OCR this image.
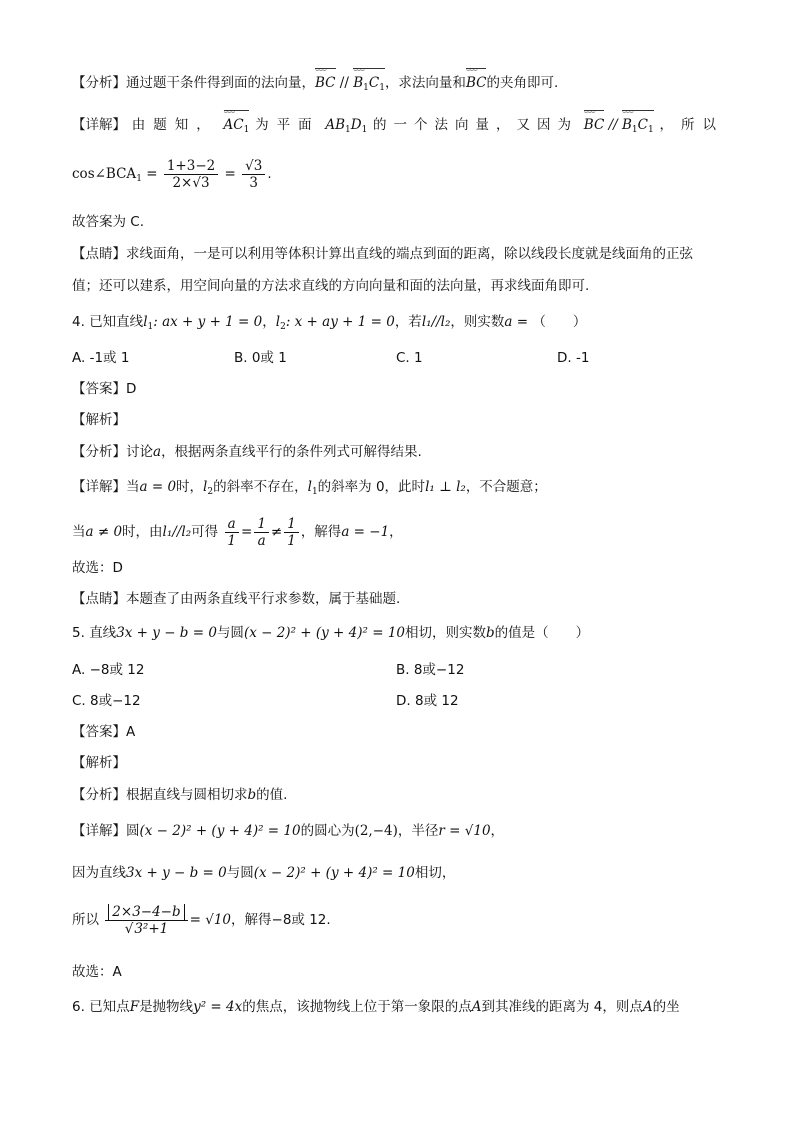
【分析】通过题干条件得到面的法向量，BC ⌣⌣⌣ // $B_1C_1$ ⌣⌣⌣，求法向量和BC ⌣⌣⌣的夹角即可.
【详解】 由题知， $AC_1$ ⌣⌣⌣ 为平面 $AB_1D_1$ 的一个法向量，又因为 BC ⌣⌣⌣ // $B_1C_1$ ⌣⌣⌣ ，所以
$\cos\angle BCA_1 = \frac{1+3-2}{2\times√3} = \frac{√3}{3}$ .
故答案为 C.
【点睛】求线面角，一是可以利用等体积计算出直线的端点到面的距离，除以线段长度就是线面角的正弦
值；还可以建系，用空间向量的方法求直线的方向向量和面的法向量，再求线面角即可.
4. 已知直线$l_1$: ax + y + 1 = 0，$l_2$: x + ay + 1 = 0，若l₁//l₂，则实数a = （　　）
A. -1或 1	B. 0或 1	C. 1	D. -1
【答案】D
【解析】
【分析】讨论a，根据两条直线平行的条件列式可解得结果.
【详解】当a = 0时，$l_2$的斜率不存在，$l_1$的斜率为 0，此时l₁ ⊥ l₂，不合题意；
当a ≠ 0时，由l₁//l₂可得 $\frac{a}{1} = \frac{1}{a} \ne \frac{1}{1}$ ，解得a = −1，
故选：D
【点睛】本题查了由两条直线平行求参数，属于基础题.
5. 直线3x + y − b = 0与圆(x − 2)² + (y + 4)² = 10相切，则实数b的值是（　　）
A. −8或 12	B. 8或−12
C. 8或−12	D. 8或 12
【答案】A
【解析】
【分析】根据直线与圆相切求b的值.
【详解】圆(x − 2)² + (y + 4)² = 10的圆心为(2,−4)，半径r = √10，
因为直线3x + y − b = 0与圆(x − 2)² + (y + 4)² = 10相切，
所以 $\frac{2\times 3-4-b}{\text{√3²+1}} = √10$，解得−8或 12.
故选：A
6. 已知点F是抛物线y² = 4x的焦点，该抛物线上位于第一象限的点A到其准线的距离为 4，则点A的坐
